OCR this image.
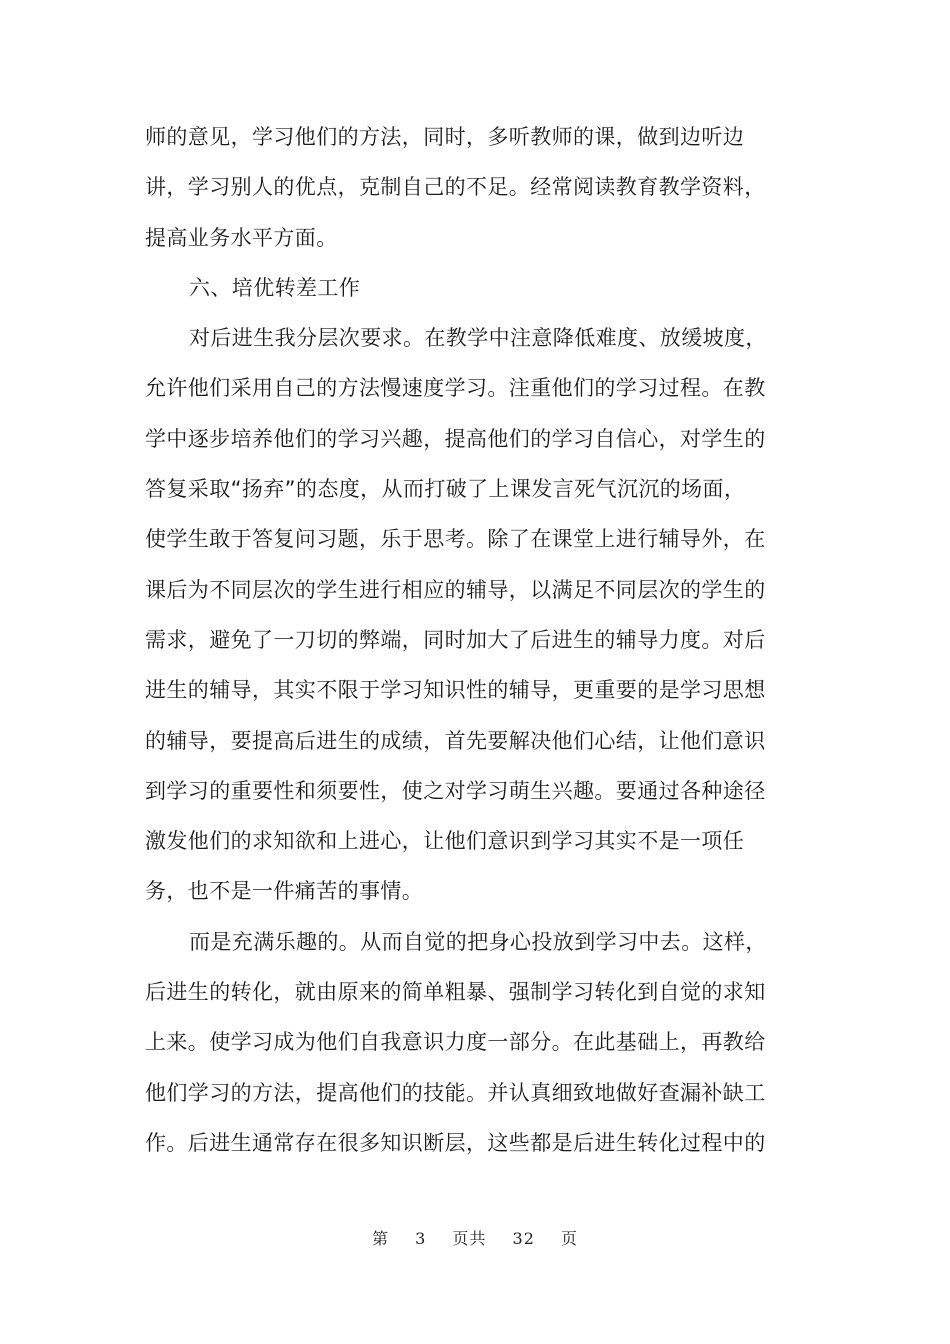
师的意见，学习他们的方法，同时，多听教师的课，做到边听边
讲，学习别人的优点，克制自己的不足。经常阅读教育教学资料，
提高业务水平方面。
六、培优转差工作
对后进生我分层次要求。在教学中注意降低难度、放缓坡度，
允许他们采用自己的方法慢速度学习。注重他们的学习过程。在教
学中逐步培养他们的学习兴趣，提高他们的学习自信心，对学生的
答复采取“扬弃”的态度，从而打破了上课发言死气沉沉的场面，
使学生敢于答复问习题，乐于思考。除了在课堂上进行辅导外，在
课后为不同层次的学生进行相应的辅导，以满足不同层次的学生的
需求，避免了一刀切的弊端，同时加大了后进生的辅导力度。对后
进生的辅导，其实不限于学习知识性的辅导，更重要的是学习思想
的辅导，要提高后进生的成绩，首先要解决他们心结，让他们意识
到学习的重要性和须要性，使之对学习萌生兴趣。要通过各种途径
激发他们的求知欲和上进心，让他们意识到学习其实不是一项任
务，也不是一件痛苦的事情。
而是充满乐趣的。从而自觉的把身心投放到学习中去。这样，
后进生的转化，就由原来的简单粗暴、强制学习转化到自觉的求知
上来。使学习成为他们自我意识力度一部分。在此基础上，再教给
他们学习的方法，提高他们的技能。并认真细致地做好查漏补缺工
作。后进生通常存在很多知识断层，这些都是后进生转化过程中的
第 3 页共 32 页
